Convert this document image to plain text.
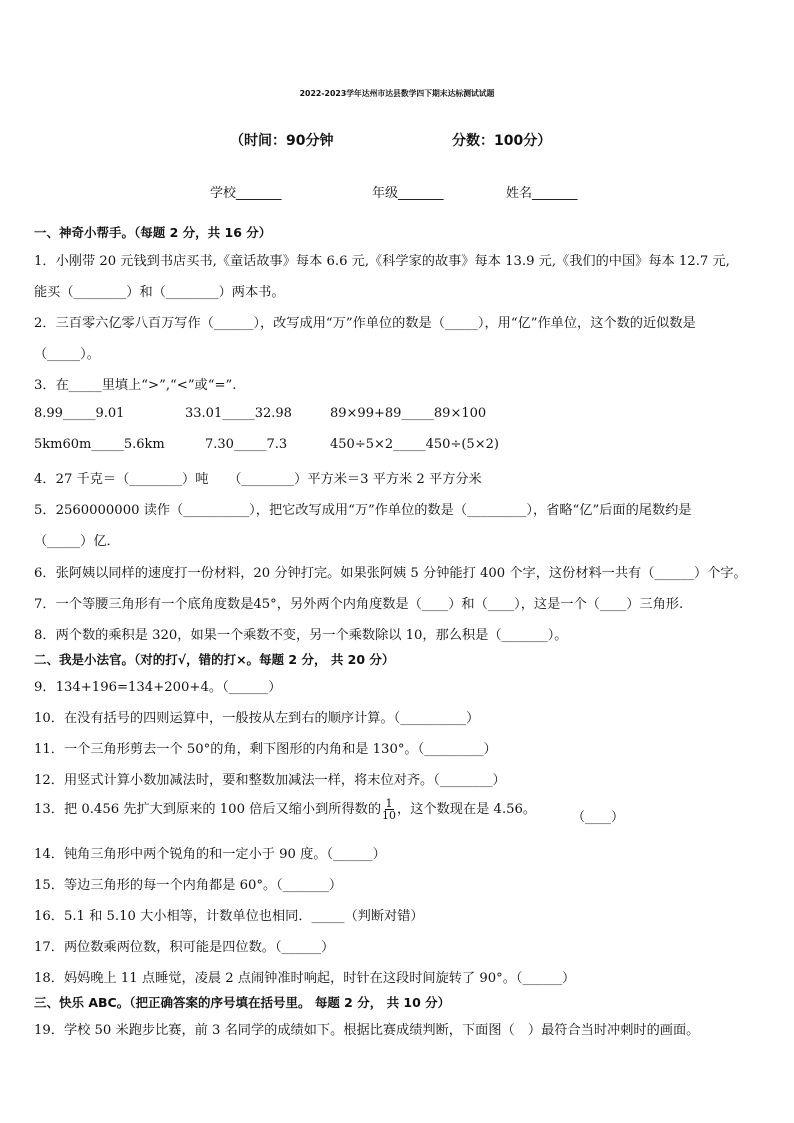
2022-2023学年达州市达县数学四下期末达标测试试题
（时间：90分钟	分数：100分）
学校_______	年级_______	姓名_______
一、神奇小帮手。（每题 2 分，共 16 分）
1．小刚带 20 元钱到书店买书,《童话故事》每本 6.6 元,《科学家的故事》每本 13.9 元,《我们的中国》每本 12.7 元,
能买（________）和（________）两本书。
2．三百零六亿零八百万写作（______），改写成用“万”作单位的数是（_____），用“亿”作单位，这个数的近似数是
（_____）。
3．在_____里填上“>”,“<”或“=”.
8.99_____9.01	33.01_____32.98	89×99+89_____89×100
5km60m_____5.6km	7.30_____7.3	450÷5×2_____450÷(5×2)
4．27 千克＝（________）吨　　（________）平方米＝3 平方米 2 平方分米
5．2560000000 读作（__________），把它改写成用“万”作单位的数是（_________），省略“亿”后面的尾数约是
（_____）亿．
6．张阿姨以同样的速度打一份材料，20 分钟打完。如果张阿姨 5 分钟能打 400 个字，这份材料一共有（______）个字。
7．一个等腰三角形有一个底角度数是45°，另外两个内角度数是（____）和（____），这是一个（____）三角形.
8．两个数的乘积是 320，如果一个乘数不变，另一个乘数除以 10，那么积是（_______）。
二、我是小法官。（对的打√，错的打×。每题 2 分， 共 20 分）
9．134+196=134+200+4。（______）
10．在没有括号的四则运算中，一般按从左到右的顺序计算。（__________）
11．一个三角形剪去一个 50°的角，剩下图形的内角和是 130°。（_________）
12．用竖式计算小数加减法时，要和整数加减法一样，将末位对齐。（________）
13．把 0.456 先扩大到原来的 100 倍后又缩小到所得数的 $\frac{1}{10}$ ，这个数现在是 4.56。
（____）
14．钝角三角形中两个锐角的和一定小于 90 度。（______）
15．等边三角形的每一个内角都是 60°。（_______）
16．5.1 和 5.10 大小相等，计数单位也相同．_____（判断对错）
17．两位数乘两位数，积可能是四位数。（______）
18．妈妈晚上 11 点睡觉，凌晨 2 点闹钟准时响起，时针在这段时间旋转了 90°。（______）
三、快乐 ABC。（把正确答案的序号填在括号里。 每题 2 分， 共 10 分）
19．学校 50 米跑步比赛，前 3 名同学的成绩如下。根据比赛成绩判断，下面图（　）最符合当时冲刺时的画面。
